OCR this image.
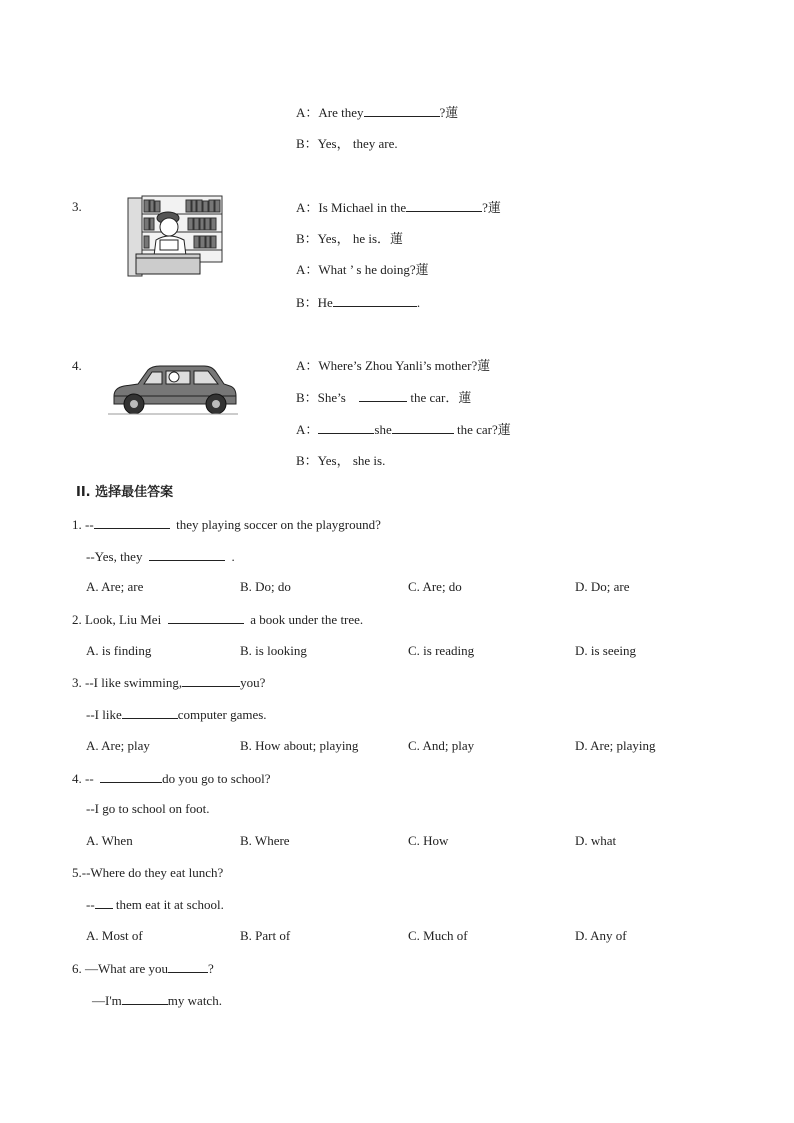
A：Are they	?蓮
B：Yes， they are.
3.	A：Is Michael in the	?蓮
B：Yes， he is．蓮
A：What ’ s he doing?蓮
B：He	.
4.	A：Where’s Zhou Yanli’s mother?蓮
B：She’s	the car．蓮
A：	she	the car?蓮
B：Yes， she is.
II. 选择最佳答案
1. --	they playing soccer on the playground?
--Yes, they	.
A. Are; are	B. Do; do	C. Are; do	D. Do; are
2. Look, Liu Mei	a book under the tree.
A. is finding	B. is looking	C. is reading	D. is seeing
3. --I like swimming,	you?
--I like	computer games.
A. Are; play	B. How about; playing	C. And; play	D. Are; playing
4. --	do you go to school?
--I go to school on foot.
A. When	B. Where	C. How	D. what
5.--Where do they eat lunch?
-- them eat it at school.
A. Most of	B. Part of	C. Much of	D. Any of
6. —What are you	?
—I'm	my watch.
